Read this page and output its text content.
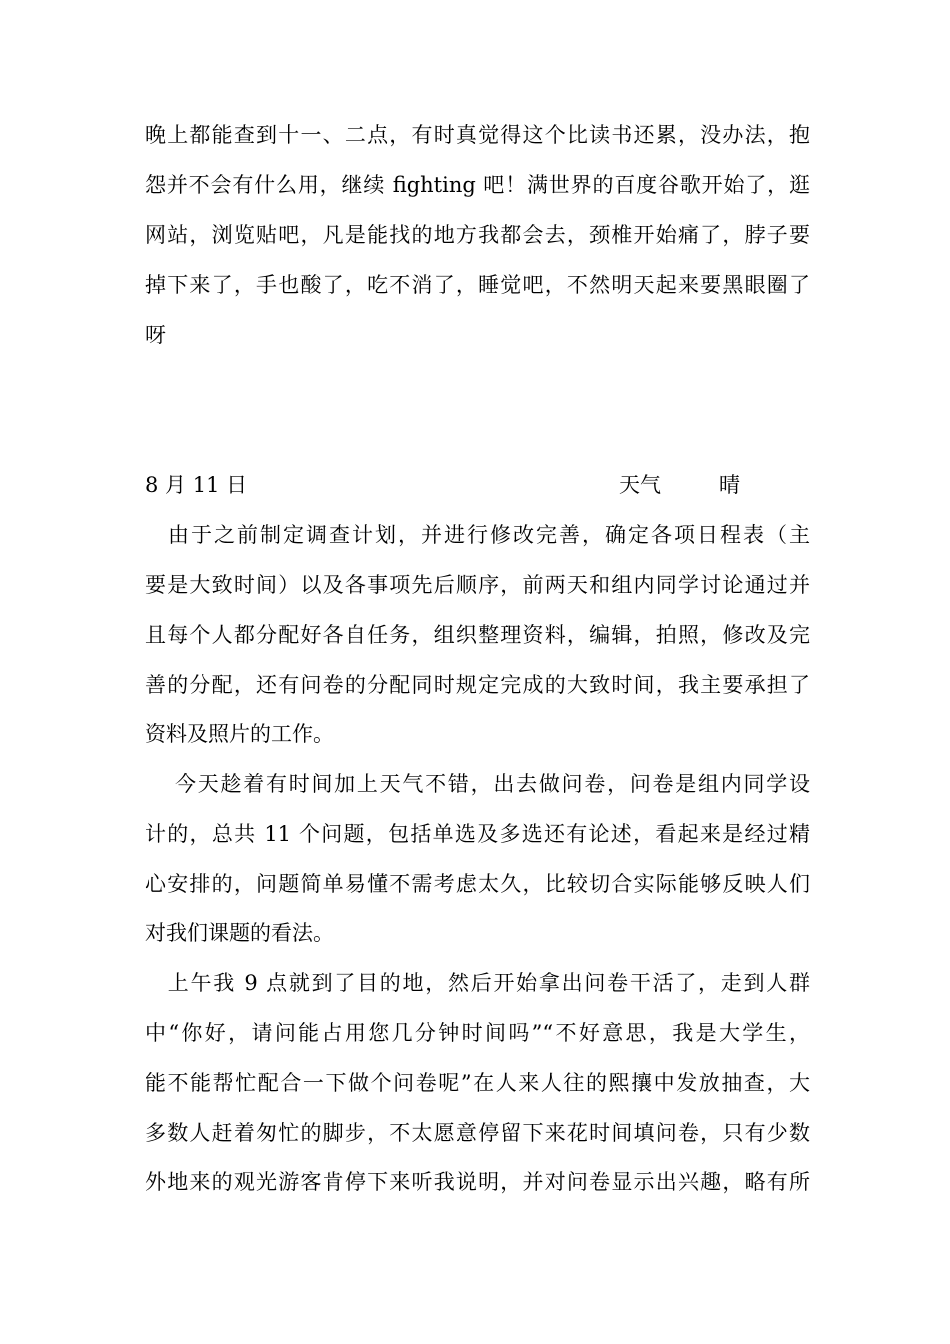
晚上都能查到十一、二点，有时真觉得这个比读书还累，没办法，抱
怨并不会有什么用，继续 fighting 吧！满世界的百度谷歌开始了，逛
网站，浏览贴吧，凡是能找的地方我都会去，颈椎开始痛了，脖子要
掉下来了，手也酸了，吃不消了，睡觉吧，不然明天起来要黑眼圈了
呀
8 月 11 日	天气	晴
　由于之前制定调查计划，并进行修改完善，确定各项日程表（主
要是大致时间）以及各事项先后顺序，前两天和组内同学讨论通过并
且每个人都分配好各自任务，组织整理资料，编辑，拍照，修改及完
善的分配，还有问卷的分配同时规定完成的大致时间，我主要承担了
资料及照片的工作。
今天趁着有时间加上天气不错，出去做问卷，问卷是组内同学设
计的，总共 11 个问题，包括单选及多选还有论述，看起来是经过精
心安排的，问题简单易懂不需考虑太久，比较切合实际能够反映人们
对我们课题的看法。
　上午我 9 点就到了目的地，然后开始拿出问卷干活了，走到人群
中“你好，请问能占用您几分钟时间吗”“不好意思，我是大学生，
能不能帮忙配合一下做个问卷呢”在人来人往的熙攘中发放抽查，大
多数人赶着匆忙的脚步，不太愿意停留下来花时间填问卷，只有少数
外地来的观光游客肯停下来听我说明，并对问卷显示出兴趣，略有所
